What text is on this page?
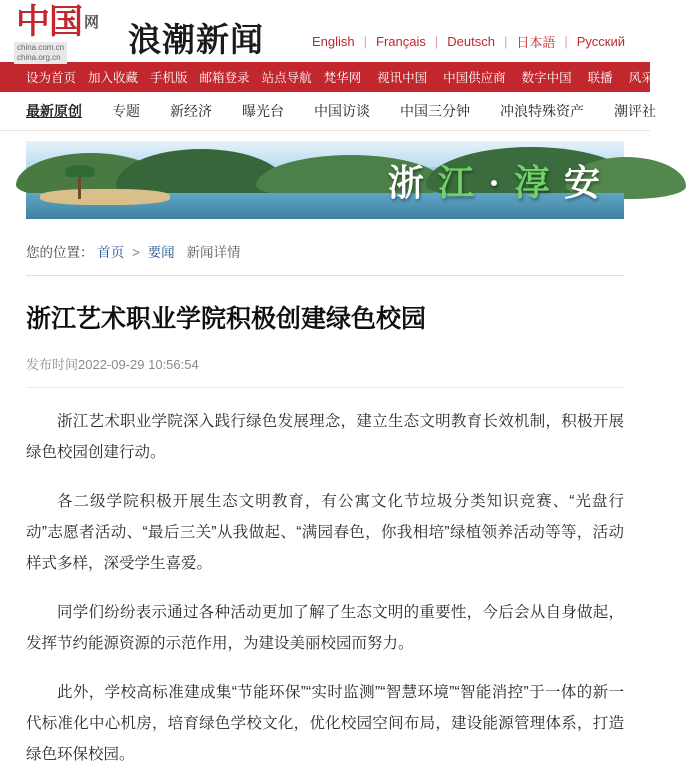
中国 $^网$
china.com.cn
china.org.cn 浪潮新闻	English | Français | Deutsch | 日本語 | Русский
设为首页 加入收藏 手机版 邮箱登录 站点导航 梵华网 视讯中国 中国供应商 数字中国 联播 风采中国
最新原创 专题 新经济 曝光台 中国访谈 中国三分钟 冲浪特殊资产 潮评社
浙江·淳安
您的位置： 首页 > 要闻 新闻详情
浙江艺术职业学院积极创建绿色校园
发布时间2022-09-29 10:56:54

浙江艺术职业学院深入践行绿色发展理念，建立生态文明教育长效机制，积极开展绿色校园创建行动。

各二级学院积极开展生态文明教育，有公寓文化节垃圾分类知识竞赛、“光盘行动”志愿者活动、“最后三关”从我做起、“满园春色，你我相培”绿植领养活动等等，活动样式多样，深受学生喜爱。

同学们纷纷表示通过各种活动更加了解了生态文明的重要性，今后会从自身做起，发挥节约能源资源的示范作用，为建设美丽校园而努力。

此外，学校高标准建成集“节能环保”“实时监测”“智慧环境”“智能消控”于一体的新一代标准化中心机房，培育绿色学校文化，优化校园空间布局，建设能源管理体系，打造绿色环保校园。
